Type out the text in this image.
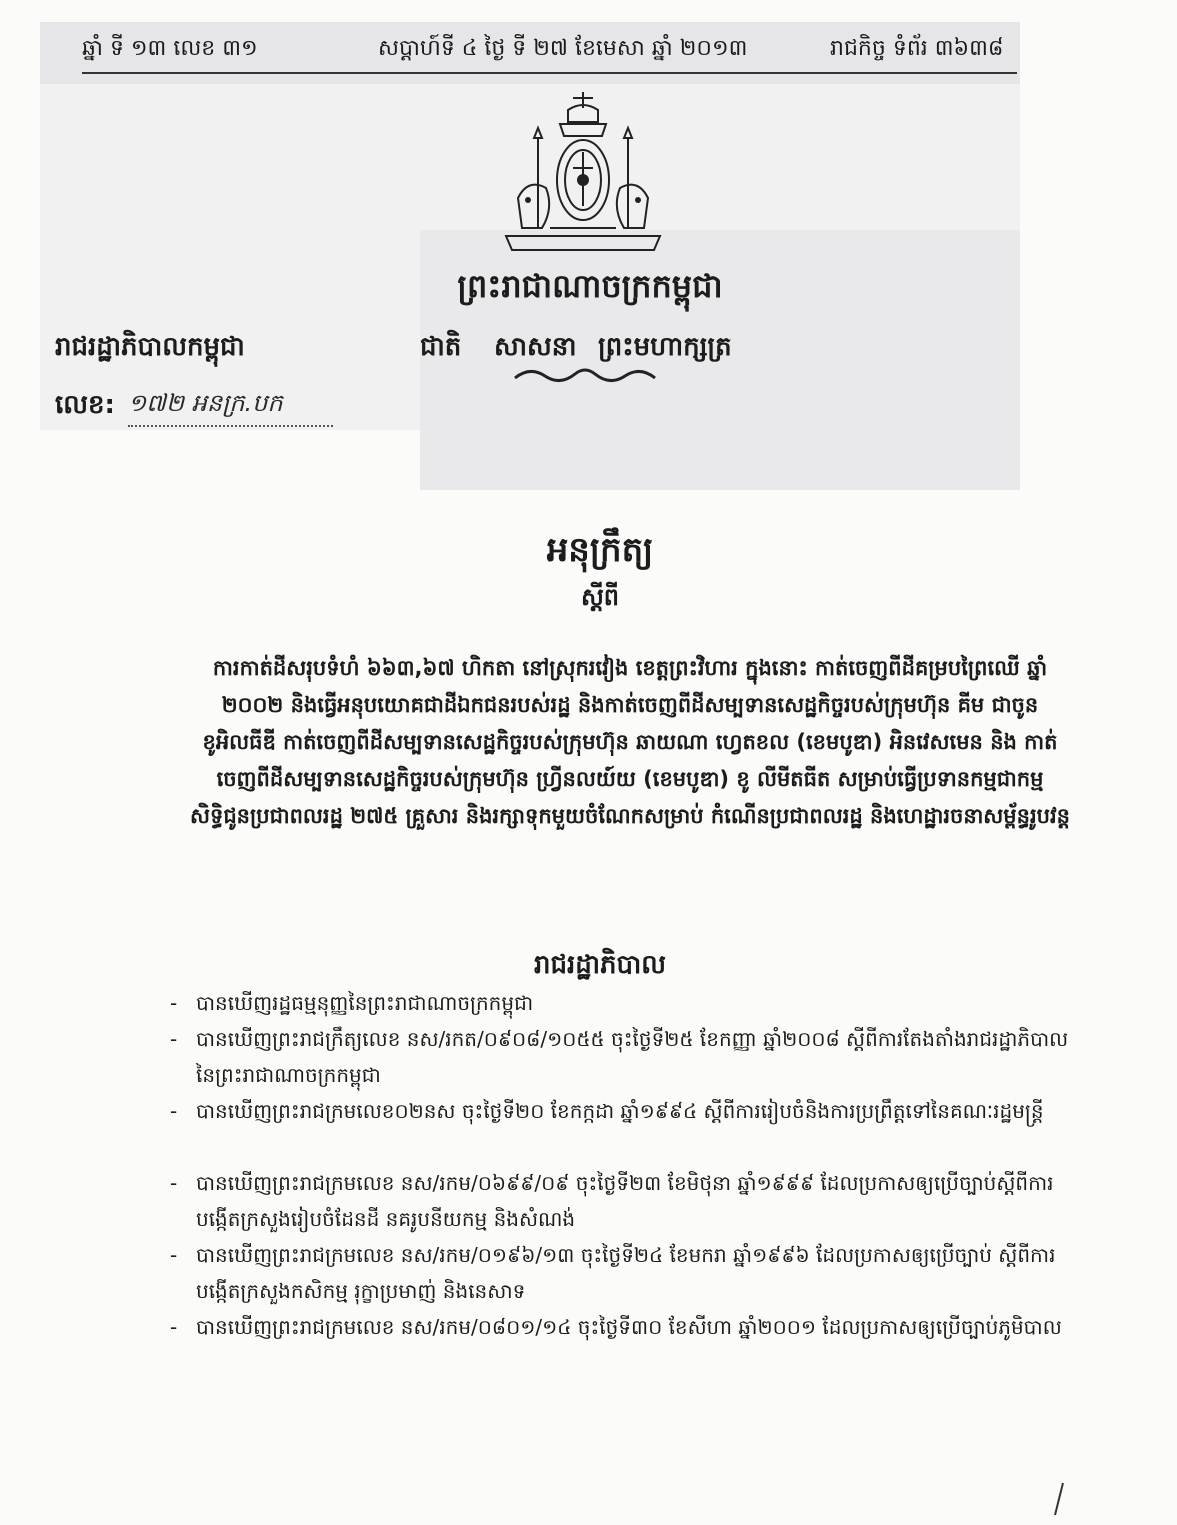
ឆ្នាំ ទី ១៣ លេខ ៣១	សប្តាហ៍ទី ៤ ថ្ងៃ ទី ២៧ ខែមេសា ឆ្នាំ ២០១៣	រាជកិច្ច ទំព័រ ៣៦៣៨
ព្រះរាជាណាចក្រកម្ពុជា
រាជរដ្ឋាភិបាលកម្ពុជា	ជាតិ សាសនា ព្រះមហាក្សត្រ
លេខ: ១៧២ អនក្រ.បក
អនុក្រឹត្យ
ស្តីពី
ការកាត់ដីសរុបទំហំ ៦៦៣,៦៧ ហិកតា នៅស្រុករវៀង ខេត្តព្រះវិហារ ក្នុងនោះ កាត់ចេញពីដីគម្របព្រៃឈើ ឆ្នាំ ២០០២ និងធ្វើអនុបយោគជាដីឯកជនរបស់រដ្ឋ និងកាត់ចេញពីដីសម្បទានសេដ្ឋកិច្ចរបស់ក្រុមហ៊ុន គីម ជាចូន ខូអិលធីឌី កាត់ចេញពីដីសម្បទានសេដ្ឋកិច្ចរបស់ក្រុមហ៊ុន ឆាយណា ហ្វេតខល (ខេមបូឌា) អិនវេសមេន និង កាត់ចេញពីដីសម្បទានសេដ្ឋកិច្ចរបស់ក្រុមហ៊ុន ហ្វ្រីនលយ៍យ (ខេមបូឌា) ខូ លីមីតធីត សម្រាប់ធ្វើប្រទានកម្មជាកម្មសិទ្ធិជូនប្រជាពលរដ្ឋ ២៧៥ គ្រួសារ និងរក្សាទុកមួយចំណែកសម្រាប់ កំណើនប្រជាពលរដ្ឋ និងហេដ្ឋារចនាសម្ព័ន្ធរូបវន្ត
រាជរដ្ឋាភិបាល
- បានឃើញរដ្ឋធម្មនុញ្ញនៃព្រះរាជាណាចក្រកម្ពុជា
- បានឃើញព្រះរាជក្រឹត្យលេខ នស/រកត/០៩០៨/១០៥៥ ចុះថ្ងៃទី២៥ ខែកញ្ញា ឆ្នាំ២០០៨ ស្តីពីការតែងតាំងរាជរដ្ឋាភិបាលនៃព្រះរាជាណាចក្រកម្ពុជា
- បានឃើញព្រះរាជក្រមលេខ០២នស ចុះថ្ងៃទី២០ ខែកក្កដា ឆ្នាំ១៩៩៤ ស្តីពីការរៀបចំនិងការប្រព្រឹត្តទៅនៃគណៈរដ្ឋមន្ត្រី
- បានឃើញព្រះរាជក្រមលេខ នស/រកម/០៦៩៩/០៩ ចុះថ្ងៃទី២៣ ខែមិថុនា ឆ្នាំ១៩៩៩ ដែលប្រកាសឲ្យប្រើច្បាប់ស្តីពីការបង្កើតក្រសួងរៀបចំដែនដី នគរូបនីយកម្ម និងសំណង់
- បានឃើញព្រះរាជក្រមលេខ នស/រកម/០១៩៦/១៣ ចុះថ្ងៃទី២៤ ខែមករា ឆ្នាំ១៩៩៦ ដែលប្រកាសឲ្យប្រើច្បាប់ ស្តីពីការបង្កើតក្រសួងកសិកម្ម រុក្ខាប្រមាញ់ និងនេសាទ
- បានឃើញព្រះរាជក្រមលេខ នស/រកម/០៨០១/១៤ ចុះថ្ងៃទី៣០ ខែសីហា ឆ្នាំ២០០១ ដែលប្រកាសឲ្យប្រើច្បាប់ភូមិបាល
